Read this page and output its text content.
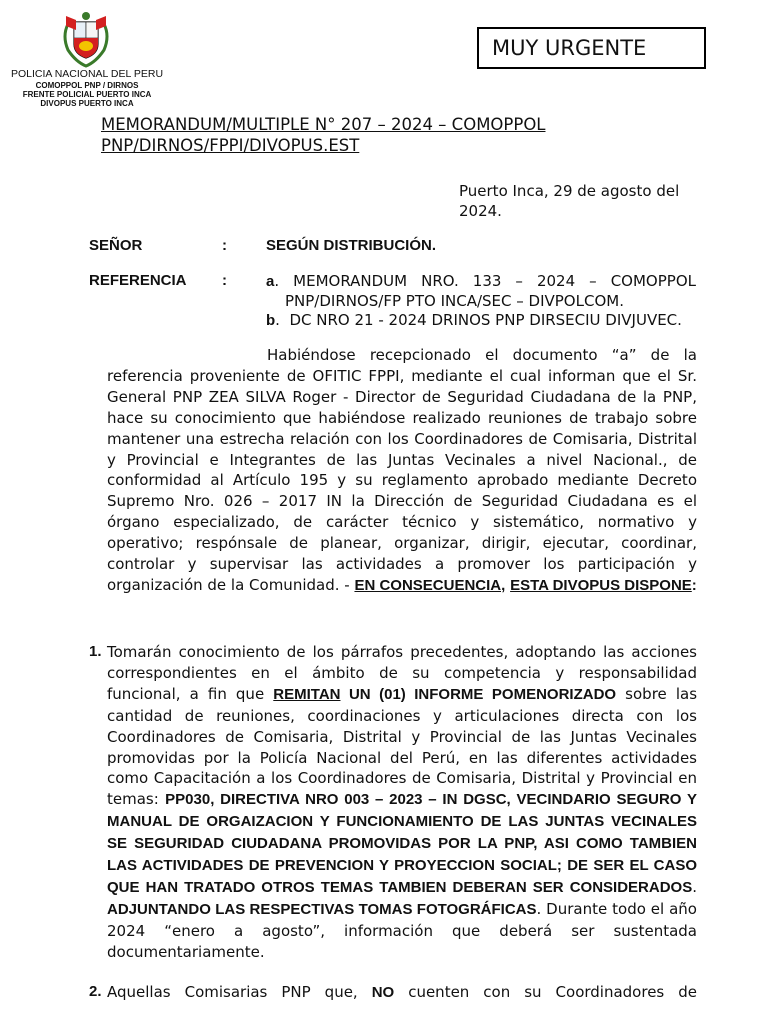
POLICIA NACIONAL DEL PERU
COMOPPOL PNP / DIRNOS
FRENTE POLICIAL PUERTO INCA
DIVOPUS PUERTO INCA
MUY URGENTE
MEMORANDUM/MULTIPLE N° 207 – 2024 – COMOPPOL
PNP/DIRNOS/FPPI/DIVOPUS.EST
Puerto Inca, 29 de agosto del
2024.
SEÑOR	:	SEGÚN DISTRIBUCIÓN.
REFERENCIA :	a. MEMORANDUM NRO. 133 – 2024 – COMOPPOL
PNP/DIRNOS/FP PTO INCA/SEC – DIVPOLCOM.
b.  DC NRO 21 - 2024 DRINOS PNP DIRSECIU DIVJUVEC.
Habiéndose recepcionado el documento “a” de la referencia proveniente de OFITIC FPPI, mediante el cual informan que el Sr. General PNP ZEA SILVA Roger - Director de Seguridad Ciudadana de la PNP, hace su conocimiento que habiéndose realizado reuniones de trabajo sobre mantener una estrecha relación con los Coordinadores de Comisaria, Distrital y Provincial e Integrantes de las Juntas Vecinales a nivel Nacional., de conformidad al Artículo 195 y su reglamento aprobado mediante Decreto Supremo Nro. 026 – 2017 IN la Dirección de Seguridad Ciudadana es el órgano especializado, de carácter técnico y sistemático, normativo y operativo; respónsale de planear, organizar, dirigir, ejecutar, coordinar, controlar y supervisar las actividades a promover los participación y organización de la Comunidad. - EN CONSECUENCIA, ESTA DIVOPUS DISPONE:
1. Tomarán conocimiento de los párrafos precedentes, adoptando las acciones correspondientes en el ámbito de su competencia y responsabilidad funcional, a fin que REMITAN UN (01) INFORME POMENORIZADO sobre las cantidad de reuniones, coordinaciones y articulaciones directa con los Coordinadores de Comisaria, Distrital y Provincial de las Juntas Vecinales promovidas por la Policía Nacional del Perú, en las diferentes actividades como Capacitación a los Coordinadores de Comisaria, Distrital y Provincial en temas: PP030, DIRECTIVA NRO 003 – 2023 – IN DGSC, VECINDARIO SEGURO Y MANUAL DE ORGAIZACION Y FUNCIONAMIENTO DE LAS JUNTAS VECINALES SE SEGURIDAD CIUDADANA PROMOVIDAS POR LA PNP, ASI COMO TAMBIEN LAS ACTIVIDADES DE PREVENCION Y PROYECCION SOCIAL; DE SER EL CASO QUE HAN TRATADO OTROS TEMAS TAMBIEN DEBERAN SER CONSIDERADOS. ADJUNTANDO LAS RESPECTIVAS TOMAS FOTOGRÁFICAS. Durante todo el año 2024 “enero a agosto”, información que deberá ser sustentada documentariamente.
2. Aquellas Comisarias PNP que, NO cuenten con su Coordinadores de
